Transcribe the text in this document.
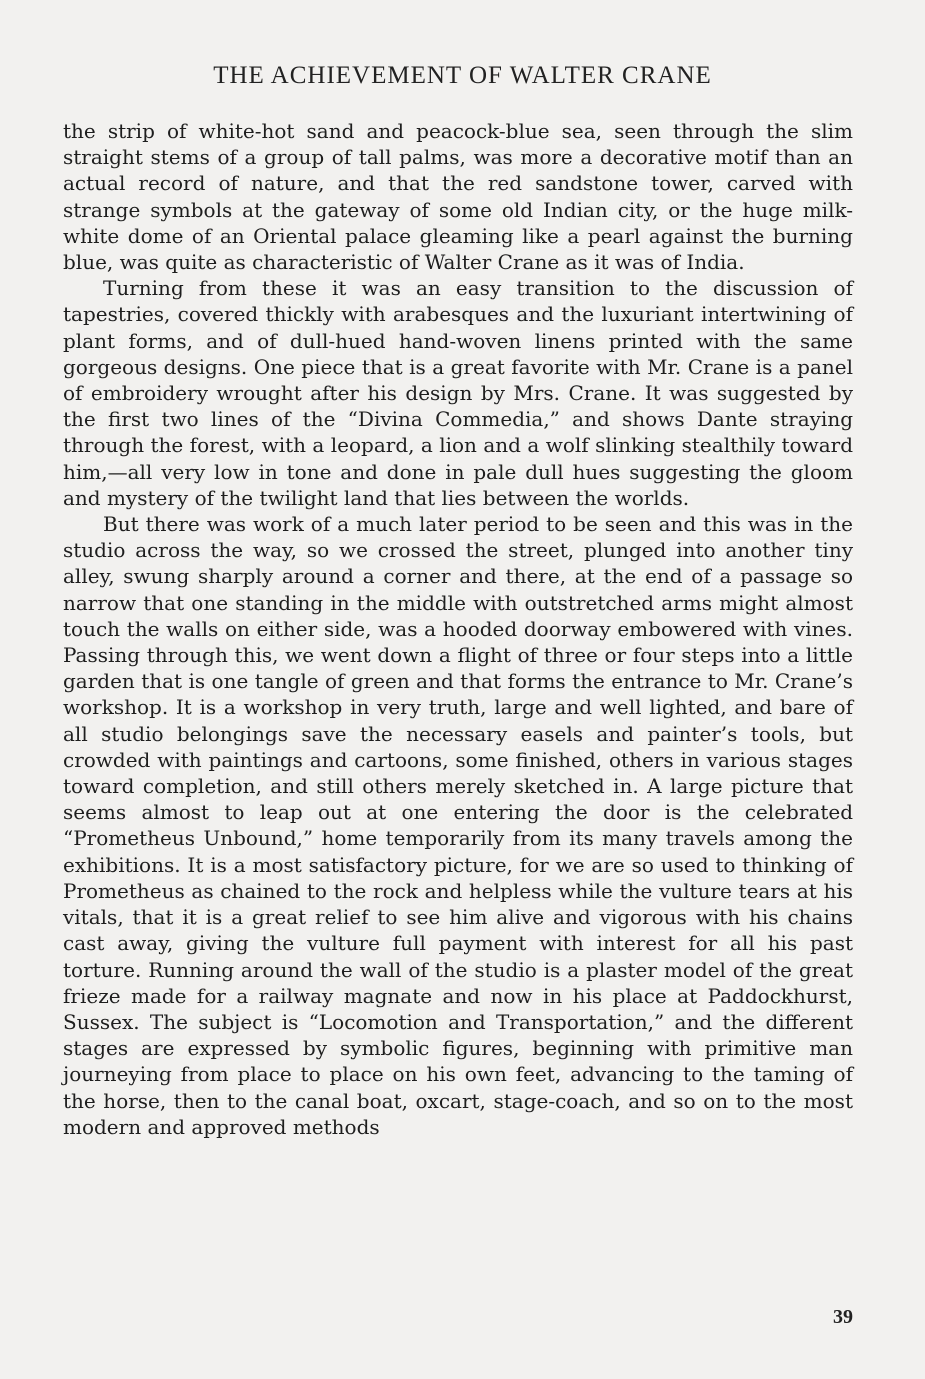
THE ACHIEVEMENT OF WALTER CRANE

the strip of white-hot sand and peacock-blue sea, seen through the slim straight stems of a group of tall palms, was more a decorative motif than an actual record of nature, and that the red sandstone tower, carved with strange symbols at the gateway of some old Indian city, or the huge milk-white dome of an Oriental palace gleaming like a pearl against the burning blue, was quite as characteristic of Walter Crane as it was of India.

Turning from these it was an easy transition to the discussion of tapestries, covered thickly with arabesques and the luxuriant intertwining of plant forms, and of dull-hued hand-woven linens printed with the same gorgeous designs. One piece that is a great favorite with Mr. Crane is a panel of embroidery wrought after his design by Mrs. Crane. It was suggested by the first two lines of the “Divina Commedia,” and shows Dante straying through the forest, with a leopard, a lion and a wolf slinking stealthily toward him,—all very low in tone and done in pale dull hues suggesting the gloom and mystery of the twilight land that lies between the worlds.

But there was work of a much later period to be seen and this was in the studio across the way, so we crossed the street, plunged into another tiny alley, swung sharply around a corner and there, at the end of a passage so narrow that one standing in the middle with outstretched arms might almost touch the walls on either side, was a hooded doorway embowered with vines. Passing through this, we went down a flight of three or four steps into a little garden that is one tangle of green and that forms the entrance to Mr. Crane’s workshop. It is a workshop in very truth, large and well lighted, and bare of all studio belongings save the necessary easels and painter’s tools, but crowded with paintings and cartoons, some finished, others in various stages toward completion, and still others merely sketched in. A large picture that seems almost to leap out at one entering the door is the celebrated “Prometheus Unbound,” home temporarily from its many travels among the exhibitions. It is a most satisfactory picture, for we are so used to thinking of Prometheus as chained to the rock and helpless while the vulture tears at his vitals, that it is a great relief to see him alive and vigorous with his chains cast away, giving the vulture full payment with interest for all his past torture. Running around the wall of the studio is a plaster model of the great frieze made for a railway magnate and now in his place at Paddockhurst, Sussex. The subject is “Locomotion and Transportation,” and the different stages are expressed by symbolic figures, beginning with primitive man journeying from place to place on his own feet, advancing to the taming of the horse, then to the canal boat, oxcart, stage-coach, and so on to the most modern and approved methods

39
